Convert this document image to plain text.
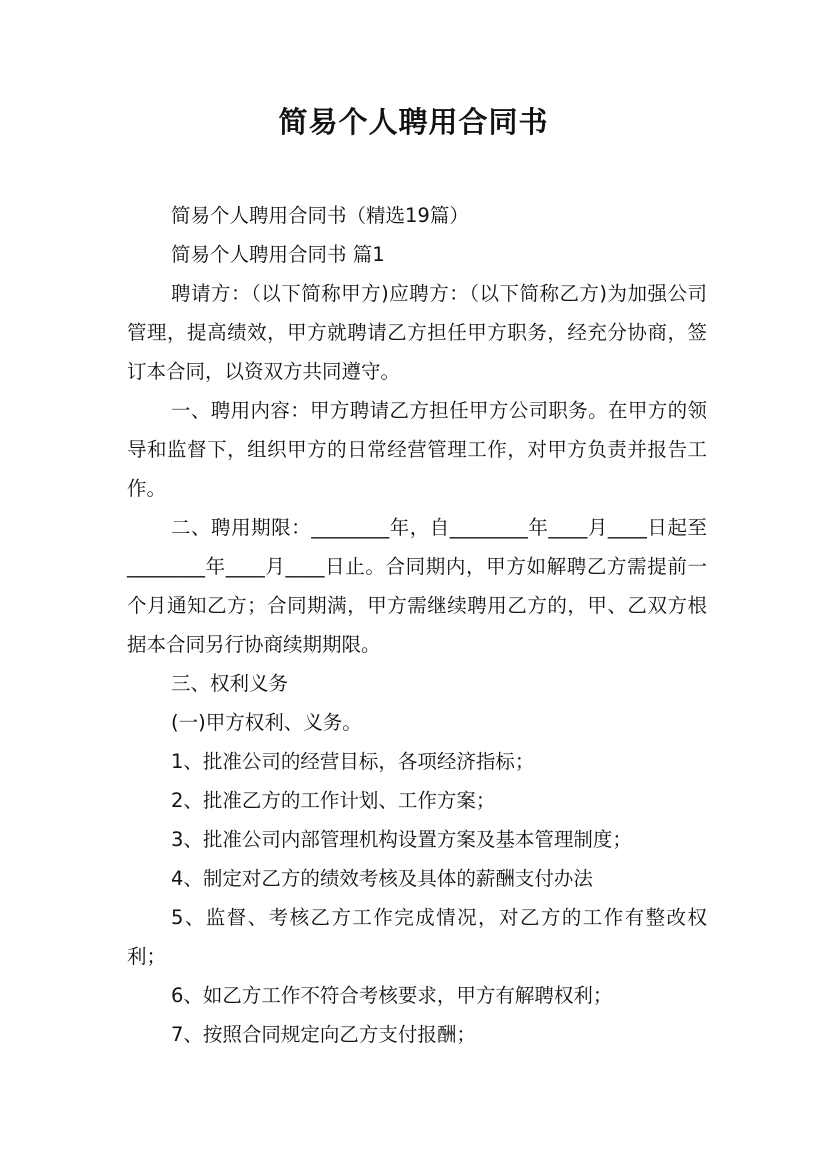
简易个人聘用合同书

简易个人聘用合同书（精选19篇）

简易个人聘用合同书 篇1

聘请方：（以下简称甲方)应聘方：（以下简称乙方)为加强公司管理，提高绩效，甲方就聘请乙方担任甲方职务，经充分协商，签订本合同，以资双方共同遵守。

一、聘用内容：甲方聘请乙方担任甲方公司职务。在甲方的领导和监督下，组织甲方的日常经营管理工作，对甲方负责并报告工作。

二、聘用期限：________年，自________年____月____日起至________年____月____日止。合同期内，甲方如解聘乙方需提前一个月通知乙方；合同期满，甲方需继续聘用乙方的，甲、乙双方根据本合同另行协商续期期限。

三、权利义务

(一)甲方权利、义务。

1、批准公司的经营目标，各项经济指标；

2、批准乙方的工作计划、工作方案；

3、批准公司内部管理机构设置方案及基本管理制度；

4、制定对乙方的绩效考核及具体的薪酬支付办法

5、监督、考核乙方工作完成情况，对乙方的工作有整改权利；

6、如乙方工作不符合考核要求，甲方有解聘权利；

7、按照合同规定向乙方支付报酬；
